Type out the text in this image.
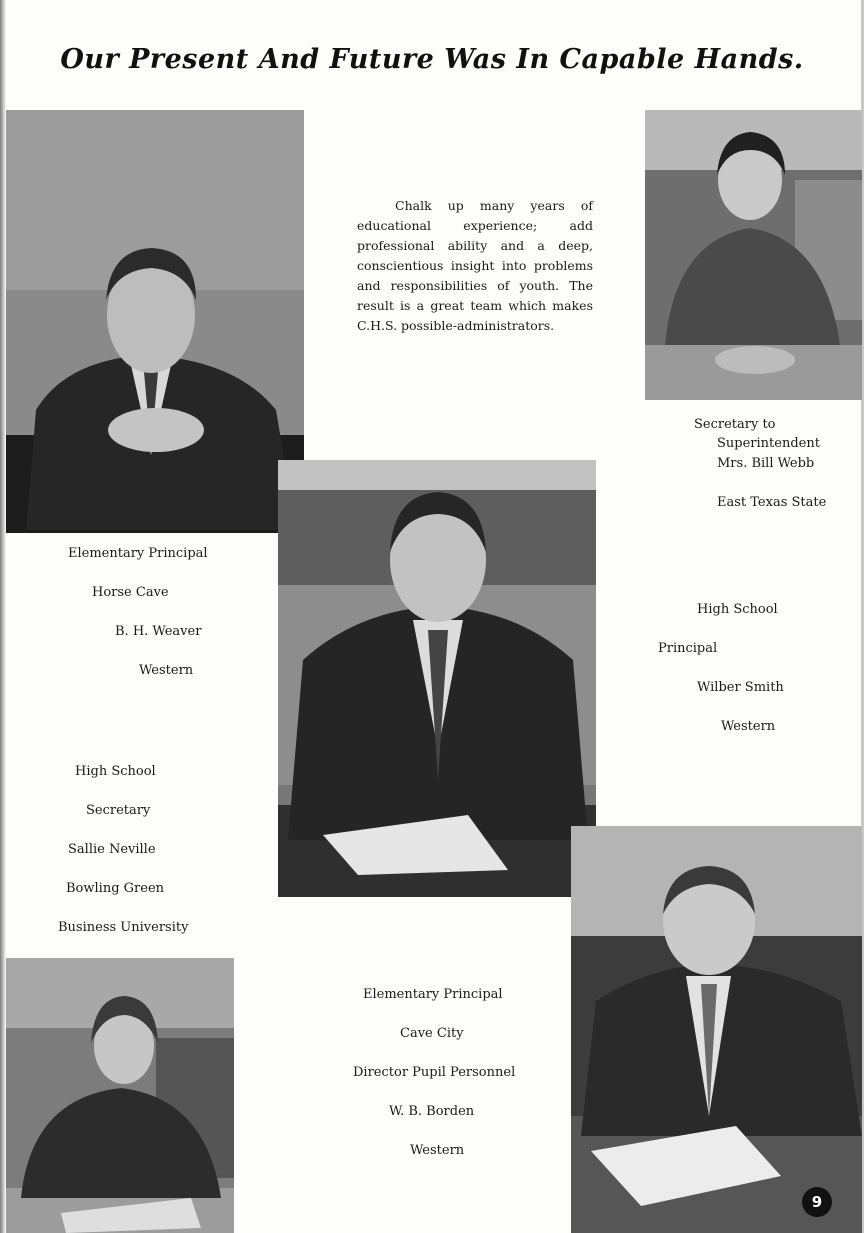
Our Present And Future Was In Capable Hands.

Chalk up many years of educational experience; add professional ability and a deep, conscientious insight into problems and responsibilities of youth. The result is a great team which makes C.H.S. possible-administrators.

Secretary to
Superintendent
Mrs. Bill Webb
East Texas State
Elementary Principal
Horse Cave
B. H. Weaver
Western
High School
Principal
Wilber Smith
Western
High School
Secretary
Sallie Neville
Bowling Green
Business University
Elementary Principal
Cave City
Director Pupil Personnel
W. B. Borden
Western
9
